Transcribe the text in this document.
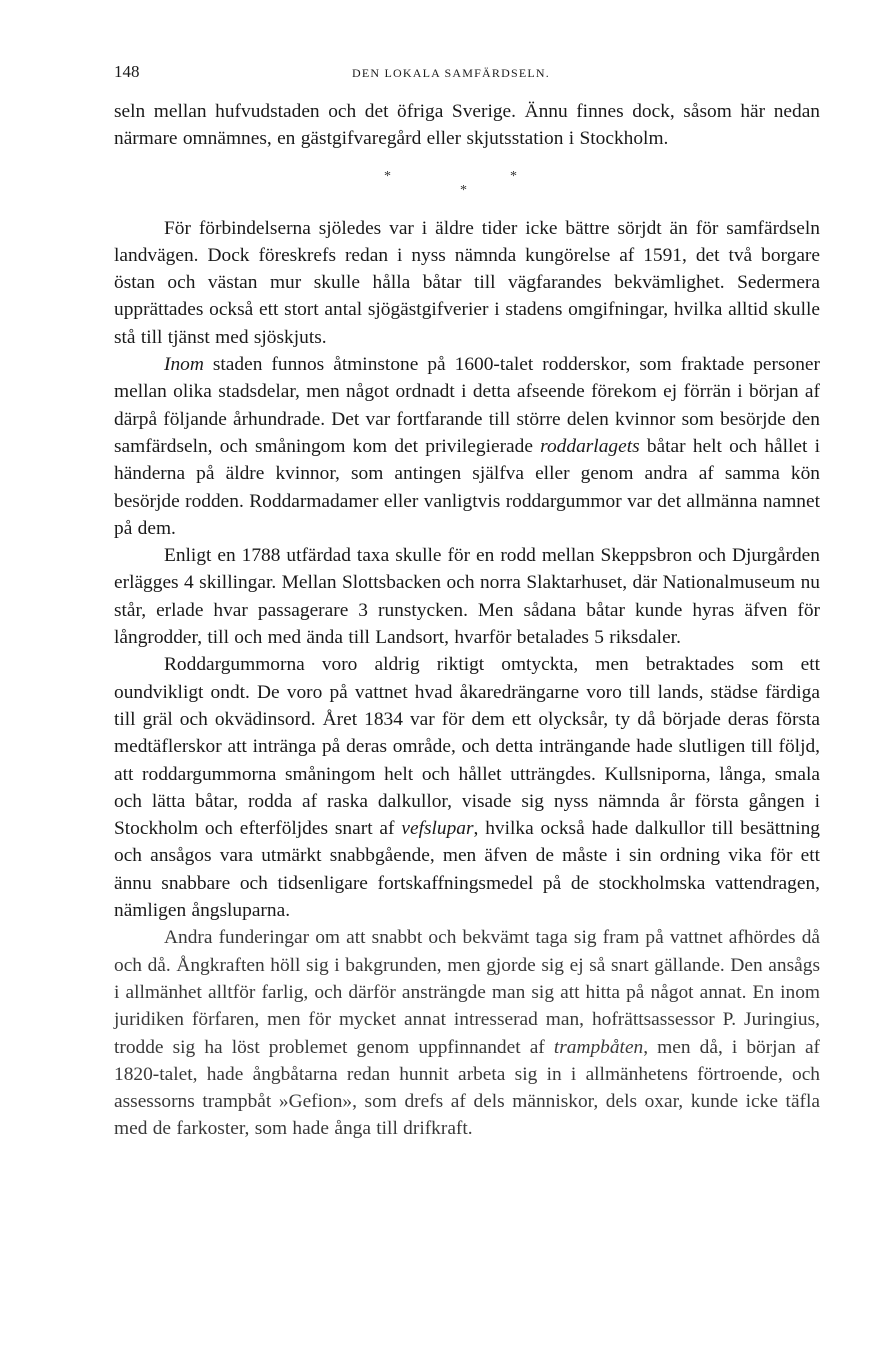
148	DEN LOKALA SAMFÄRDSELN.

seln mellan hufvudstaden och det öfriga Sverige. Ännu finnes dock, såsom här nedan närmare omnämnes, en gästgifvaregård eller skjutsstation i Stockholm.

*	*
*

För förbindelserna sjöledes var i äldre tider icke bättre sörjdt än för samfärdseln landvägen. Dock föreskrefs redan i nyss nämnda kungörelse af 1591, det två borgare östan och västan mur skulle hålla båtar till vägfarandes bekvämlighet. Sedermera upprättades också ett stort antal sjögästgifverier i stadens omgifningar, hvilka alltid skulle stå till tjänst med sjöskjuts.

Inom staden funnos åtminstone på 1600-talet rodderskor, som fraktade personer mellan olika stadsdelar, men något ordnadt i detta afseende förekom ej förrän i början af därpå följande århundrade. Det var fortfarande till större delen kvinnor som besörjde den samfärdseln, och småningom kom det privilegierade roddarlagets båtar helt och hållet i händerna på äldre kvinnor, som antingen själfva eller genom andra af samma kön besörjde rodden. Roddarmadamer eller vanligtvis roddargummor var det allmänna namnet på dem.

Enligt en 1788 utfärdad taxa skulle för en rodd mellan Skeppsbron och Djurgården erlägges 4 skillingar. Mellan Slottsbacken och norra Slaktarhuset, där Nationalmuseum nu står, erlade hvar passagerare 3 runstycken. Men sådana båtar kunde hyras äfven för långrodder, till och med ända till Landsort, hvarför betalades 5 riksdaler.

Roddargummorna voro aldrig riktigt omtyckta, men betraktades som ett oundvikligt ondt. De voro på vattnet hvad åkaredrängarne voro till lands, städse färdiga till gräl och okvädinsord. Året 1834 var för dem ett olycksår, ty då började deras första medtäflerskor att intränga på deras område, och detta inträngande hade slutligen till följd, att roddargummorna småningom helt och hållet utträngdes. Kullsniporna, långa, smala och lätta båtar, rodda af raska dalkullor, visade sig nyss nämnda år första gången i Stockholm och efterföljdes snart af vefslupar, hvilka också hade dalkullor till besättning och ansågos vara utmärkt snabbgående, men äfven de måste i sin ordning vika för ett ännu snabbare och tidsenligare fortskaffningsmedel på de stockholmska vattendragen, nämligen ångsluparna.

Andra funderingar om att snabbt och bekvämt taga sig fram på vattnet afhördes då och då. Ångkraften höll sig i bakgrunden, men gjorde sig ej så snart gällande. Den ansågs i allmänhet alltför farlig, och därför ansträngde man sig att hitta på något annat. En inom juridiken förfaren, men för mycket annat intresserad man, hofrättsassessor P. Juringius, trodde sig ha löst problemet genom uppfinnandet af trampbåten, men då, i början af 1820-talet, hade ångbåtarna redan hunnit arbeta sig in i allmänhetens förtroende, och assessorns trampbåt »Gefion», som drefs af dels människor, dels oxar, kunde icke täfla med de farkoster, som hade ånga till drifkraft.
